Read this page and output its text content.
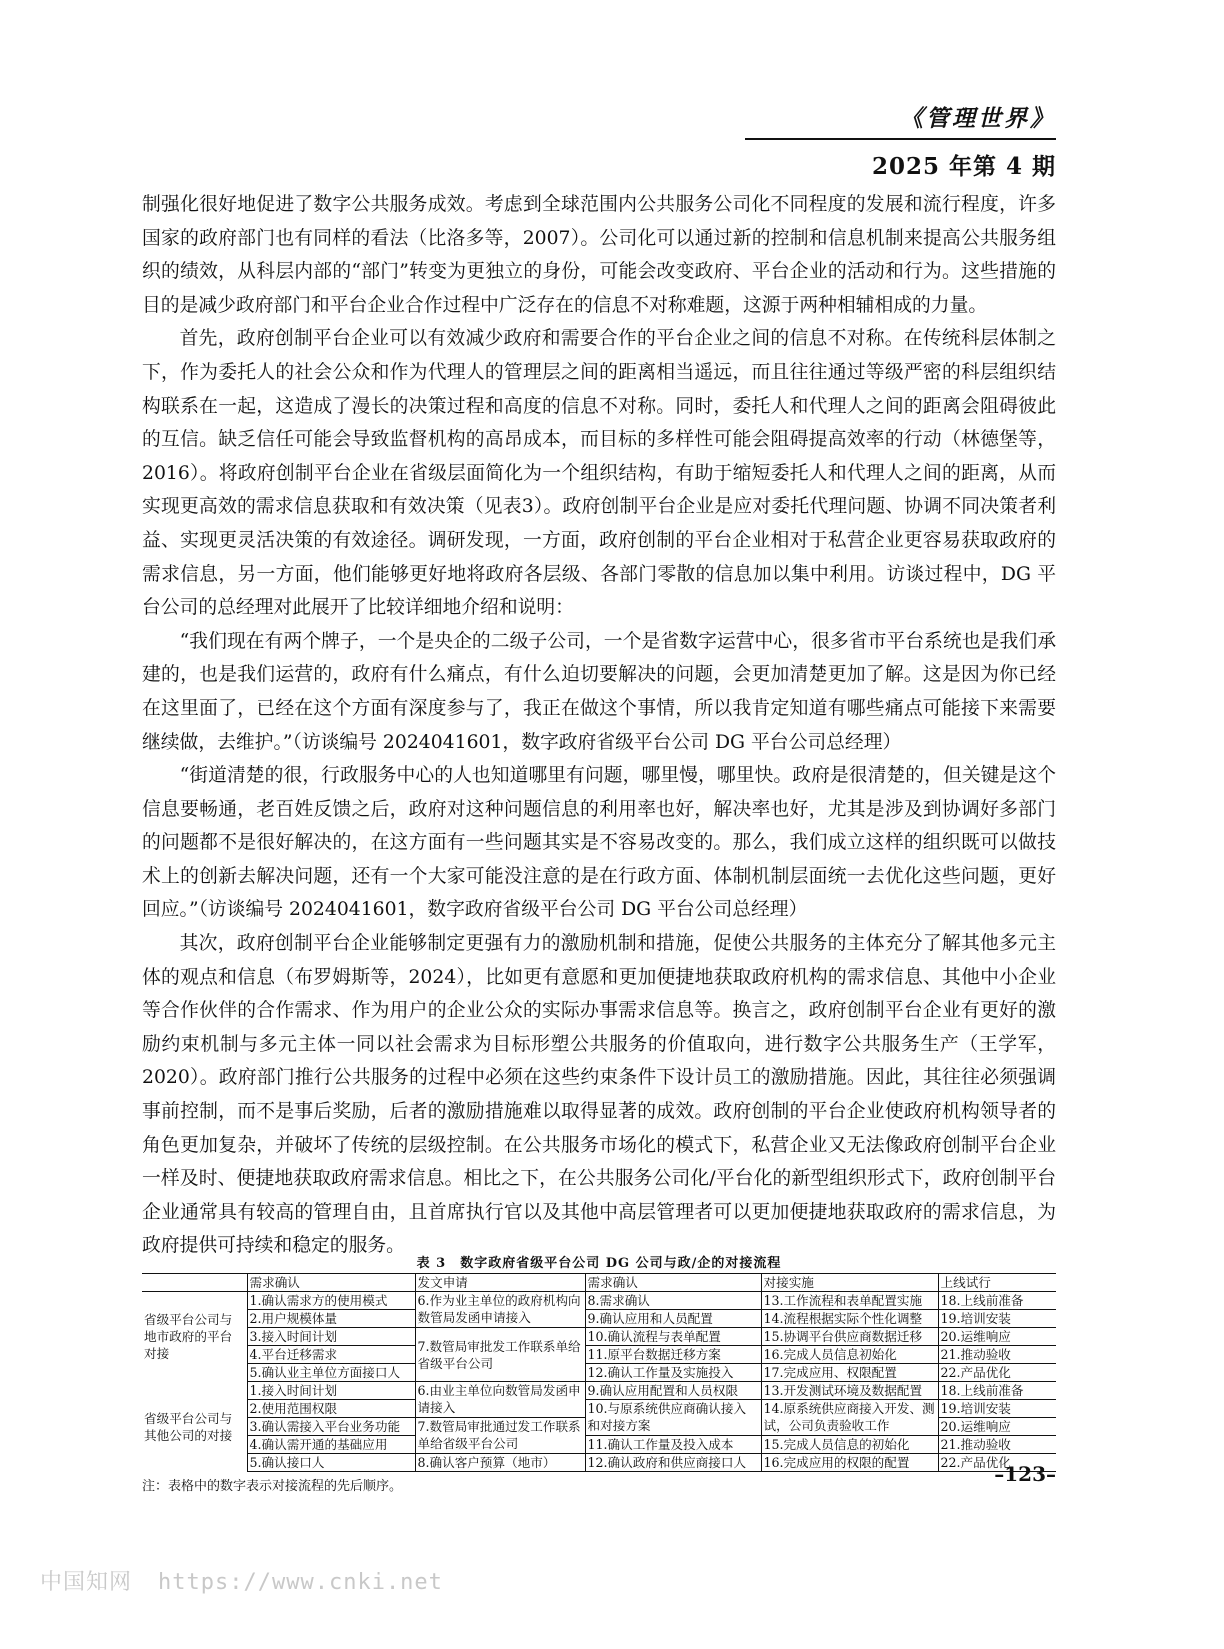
《管理世界》
2025 年第 4 期

制强化很好地促进了数字公共服务成效。考虑到全球范围内公共服务公司化不同程度的发展和流行程度，许多国家的政府部门也有同样的看法（比洛多等，2007）。公司化可以通过新的控制和信息机制来提高公共服务组织的绩效，从科层内部的“部门”转变为更独立的身份，可能会改变政府、平台企业的活动和行为。这些措施的目的是减少政府部门和平台企业合作过程中广泛存在的信息不对称难题，这源于两种相辅相成的力量。

首先，政府创制平台企业可以有效减少政府和需要合作的平台企业之间的信息不对称。在传统科层体制之下，作为委托人的社会公众和作为代理人的管理层之间的距离相当遥远，而且往往通过等级严密的科层组织结构联系在一起，这造成了漫长的决策过程和高度的信息不对称。同时，委托人和代理人之间的距离会阻碍彼此的互信。缺乏信任可能会导致监督机构的高昂成本，而目标的多样性可能会阻碍提高效率的行动（林德堡等，2016）。将政府创制平台企业在省级层面简化为一个组织结构，有助于缩短委托人和代理人之间的距离，从而实现更高效的需求信息获取和有效决策（见表3）。政府创制平台企业是应对委托代理问题、协调不同决策者利益、实现更灵活决策的有效途径。调研发现，一方面，政府创制的平台企业相对于私营企业更容易获取政府的需求信息，另一方面，他们能够更好地将政府各层级、各部门零散的信息加以集中利用。访谈过程中，DG 平台公司的总经理对此展开了比较详细地介绍和说明：

“我们现在有两个牌子，一个是央企的二级子公司，一个是省数字运营中心，很多省市平台系统也是我们承建的，也是我们运营的，政府有什么痛点，有什么迫切要解决的问题，会更加清楚更加了解。这是因为你已经在这里面了，已经在这个方面有深度参与了，我正在做这个事情，所以我肯定知道有哪些痛点可能接下来需要继续做，去维护。”（访谈编号 2024041601，数字政府省级平台公司 DG 平台公司总经理）

“街道清楚的很，行政服务中心的人也知道哪里有问题，哪里慢，哪里快。政府是很清楚的，但关键是这个信息要畅通，老百姓反馈之后，政府对这种问题信息的利用率也好，解决率也好，尤其是涉及到协调好多部门的问题都不是很好解决的，在这方面有一些问题其实是不容易改变的。那么，我们成立这样的组织既可以做技术上的创新去解决问题，还有一个大家可能没注意的是在行政方面、体制机制层面统一去优化这些问题，更好回应。”（访谈编号 2024041601，数字政府省级平台公司 DG 平台公司总经理）

其次，政府创制平台企业能够制定更强有力的激励机制和措施，促使公共服务的主体充分了解其他多元主体的观点和信息（布罗姆斯等，2024），比如更有意愿和更加便捷地获取政府机构的需求信息、其他中小企业等合作伙伴的合作需求、作为用户的企业公众的实际办事需求信息等。换言之，政府创制平台企业有更好的激励约束机制与多元主体一同以社会需求为目标形塑公共服务的价值取向，进行数字公共服务生产（王学军，2020）。政府部门推行公共服务的过程中必须在这些约束条件下设计员工的激励措施。因此，其往往必须强调事前控制，而不是事后奖励，后者的激励措施难以取得显著的成效。政府创制的平台企业使政府机构领导者的角色更加复杂，并破坏了传统的层级控制。在公共服务市场化的模式下，私营企业又无法像政府创制平台企业一样及时、便捷地获取政府需求信息。相比之下，在公共服务公司化/平台化的新型组织形式下，政府创制平台企业通常具有较高的管理自由，且首席执行官以及其他中高层管理者可以更加便捷地获取政府的需求信息，为政府提供可持续和稳定的服务。

表 3　数字政府省级平台公司 DG 公司与政/企的对接流程
	需求确认	发文申请	需求确认	对接实施	上线试行
省级平台公司与地市政府的平台对接	1.确认需求方的使用模式	6.作为业主单位的政府机构向数管局发函申请接入	8.需求确认	13.工作流程和表单配置实施	18.上线前准备
	2.用户规模体量		9.确认应用和人员配置	14.流程根据实际个性化调整	19.培训安装
	3.接入时间计划	7.数管局审批发工作联系单给省级平台公司	10.确认流程与表单配置	15.协调平台供应商数据迁移	20.运维响应
	4.平台迁移需求		11.原平台数据迁移方案	16.完成人员信息初始化	21.推动验收
	5.确认业主单位方面接口人		12.确认工作量及实施投入	17.完成应用、权限配置	22.产品优化
省级平台公司与其他公司的对接	1.接入时间计划	6.由业主单位向数管局发函申请接入	9.确认应用配置和人员权限	13.开发测试环境及数据配置	18.上线前准备
	2.使用范围权限		10.与原系统供应商确认接入和对接方案	14.原系统供应商接入开发、测试，公司负责验收工作	19.培训安装
	3.确认需接入平台业务功能	7.数管局审批通过发工作联系单给省级平台公司			20.运维响应
	4.确认需开通的基础应用		11.确认工作量及投入成本	15.完成人员信息的初始化	21.推动验收
	5.确认接口人	8.确认客户预算（地市）	12.确认政府和供应商接口人	16.完成应用的权限的配置	22.产品优化
注：表格中的数字表示对接流程的先后顺序。
–123–
中国知网 https://www.cnki.net
